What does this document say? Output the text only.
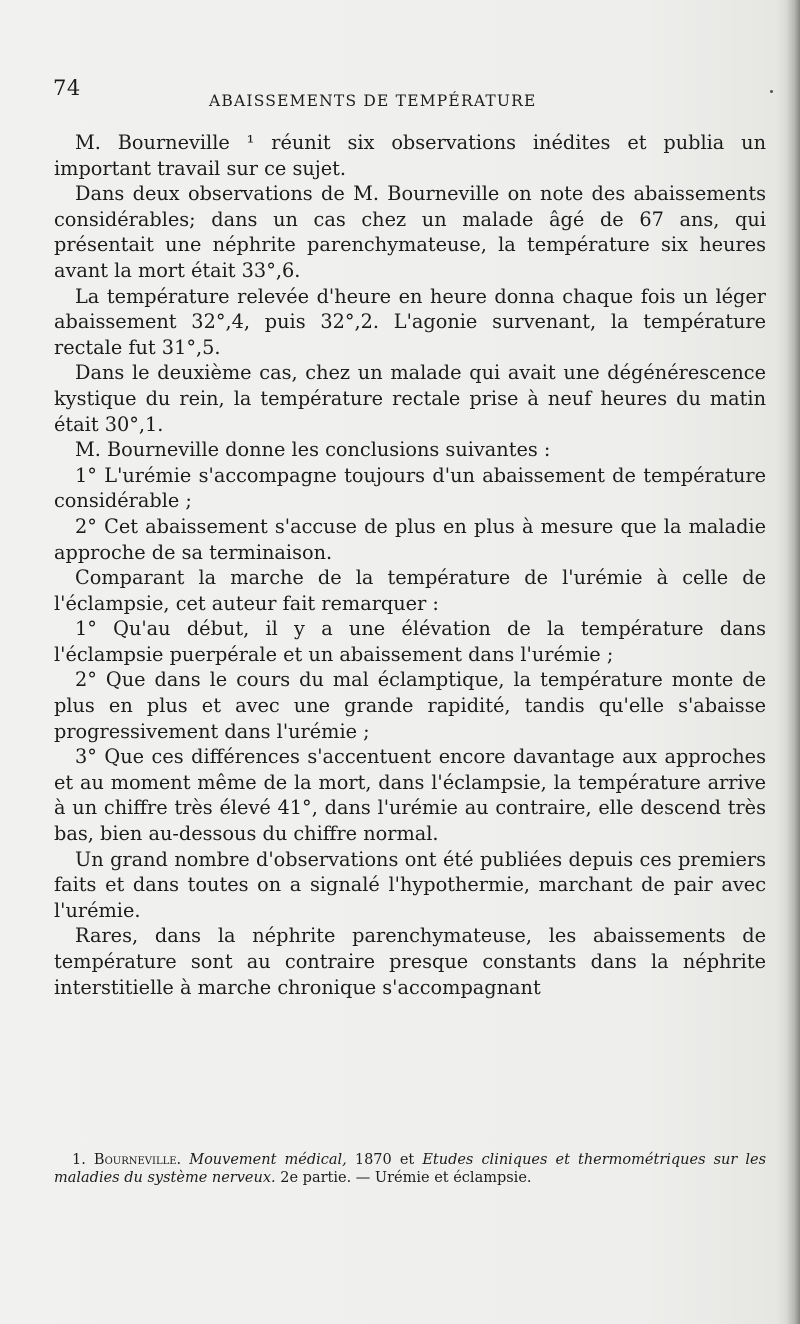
74
ABAISSEMENTS DE TEMPÉRATURE

M. Bourneville ¹ réunit six observations inédites et publia un important travail sur ce sujet.

Dans deux observations de M. Bourneville on note des abaissements considérables; dans un cas chez un malade âgé de 67 ans, qui présentait une néphrite parenchymateuse, la température six heures avant la mort était 33°,6.

La température relevée d'heure en heure donna chaque fois un léger abaissement 32°,4, puis 32°,2. L'agonie survenant, la température rectale fut 31°,5.

Dans le deuxième cas, chez un malade qui avait une dégénérescence kystique du rein, la température rectale prise à neuf heures du matin était 30°,1.

M. Bourneville donne les conclusions suivantes :

1° L'urémie s'accompagne toujours d'un abaissement de température considérable ;

2° Cet abaissement s'accuse de plus en plus à mesure que la maladie approche de sa terminaison.

Comparant la marche de la température de l'urémie à celle de l'éclampsie, cet auteur fait remarquer :

1° Qu'au début, il y a une élévation de la température dans l'éclampsie puerpérale et un abaissement dans l'urémie ;

2° Que dans le cours du mal éclamptique, la température monte de plus en plus et avec une grande rapidité, tandis qu'elle s'abaisse progressivement dans l'urémie ;

3° Que ces différences s'accentuent encore davantage aux approches et au moment même de la mort, dans l'éclampsie, la température arrive à un chiffre très élevé 41°, dans l'urémie au contraire, elle descend très bas, bien au-dessous du chiffre normal.

Un grand nombre d'observations ont été publiées depuis ces premiers faits et dans toutes on a signalé l'hypothermie, marchant de pair avec l'urémie.

Rares, dans la néphrite parenchymateuse, les abaissements de température sont au contraire presque constants dans la néphrite interstitielle à marche chronique s'accompagnant

1. Bourneville. Mouvement médical, 1870 et Etudes cliniques et thermométriques sur les maladies du système nerveux. 2e partie. — Urémie et éclampsie.
